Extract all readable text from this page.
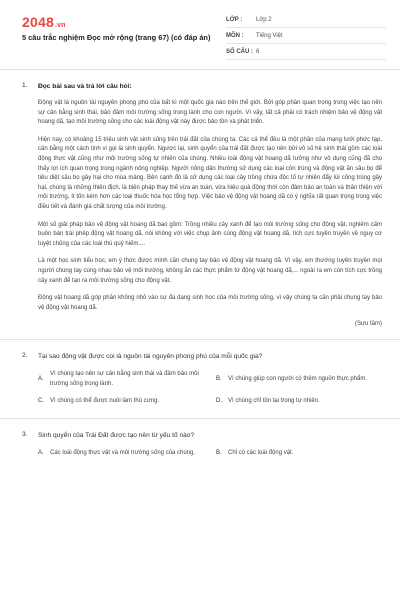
2048.vn
5 câu trắc nghiệm Đọc mở rộng (trang 67) (có đáp án)
LỚP :	Lớp 2
MÔN :	Tiếng Việt
SỐ CÂU : 6
1. Đọc bài sau và trả lời câu hỏi:

Động vật là nguồn tài nguyên phong phú của bất kì một quốc gia nào trên thế giới. Bởi góp phần quan trọng trong việc tạo nên sự cân bằng sinh thái, bảo đảm môi trường sống trong lành cho con người. Vì vậy, tất cả phải có trách nhiệm bảo vệ động vật hoang dã, tạo môi trường sống cho các loài động vật này được bảo tồn và phát triển.

Hiện nay, có khoảng 15 triệu sinh vật sinh sống trên trái đất của chúng ta. Các cá thể đều là một phần của mạng lưới phức tạp, cân bằng một cách tinh vi gọi là sinh quyển. Ngược lại, sinh quyển của trái đất được tạo nên bởi vô số hệ sinh thái gồm các loài động thực vật cũng như môi trường sống tự nhiên của chúng. Nhiều loài động vật hoang dã tưởng như vô dụng cũng đã cho thấy lợi ích quan trọng trong ngành nông nghiệp. Người nông dân thường sử dụng các loại côn trùng và động vật ăn sâu bọ để tiêu diệt sâu bọ gây hại cho mùa màng. Bên cạnh đó là sử dụng các loại cây trồng chứa độc tố tự nhiên đẩy lùi công trùng gây hại, chúng là những thiên địch, là biện pháp thay thế vừa an toàn, vừa hiệu quả động thời còn đảm bảo an toàn và thân thiện với môi trường, ít tốn kém hơn các loại thuốc hóa học tổng hợp. Việc bảo vệ động vật hoang dã có ý nghĩa rất quan trọng trong việc điều tiết và đánh giá chất lượng của môi trường.

Một số giải pháp bảo vệ động vật hoang dã bao gồm: Trồng nhiều cây xanh để tạo môi trường sống cho động vật, nghiêm cấm buôn bán trái phép động vật hoang dã, nói không với việc chụp ảnh cùng động vật hoang dã, tích cực tuyên truyền về nguy cơ tuyệt chủng của các loài thú quý hiếm....

Là một học sinh tiểu học, em ý thức được mình cần chung tay bảo vệ động vật hoang dã. Vì vậy, em thường tuyên truyền mọi người chung tay cùng nhau bảo vệ môi trường, không ăn các thực phẩm từ động vật hoang dã,... ngoài ra em còn tích cực trồng cây xanh để tạo ra môi trường sống cho động vật.

Động vật hoang dã góp phần không nhỏ vào sự đa dạng sinh học của môi trường sống, vì vậy chúng ta cần phải chung tay bảo vệ động vật hoang dã.

(Sưu tầm)
2. Tại sao động vật được coi là nguồn tài nguyên phong phú của mỗi quốc gia?
A.
Vì chúng tạo nên sự cân bằng sinh thái và đảm bảo môi trường sống trong lành.
B.	Vì chúng giúp con người có thêm nguồn thực phẩm.
C.	Vì chúng có thể được nuôi làm thú cưng.	D.	Vì chúng chỉ tồn tại trong tự nhiên.
3. Sinh quyển của Trái Đất được tạo nên từ yếu tố nào?
A.	Các loài động thực vật và môi trường sống của chúng.	B.	Chỉ có các loài động vật.
